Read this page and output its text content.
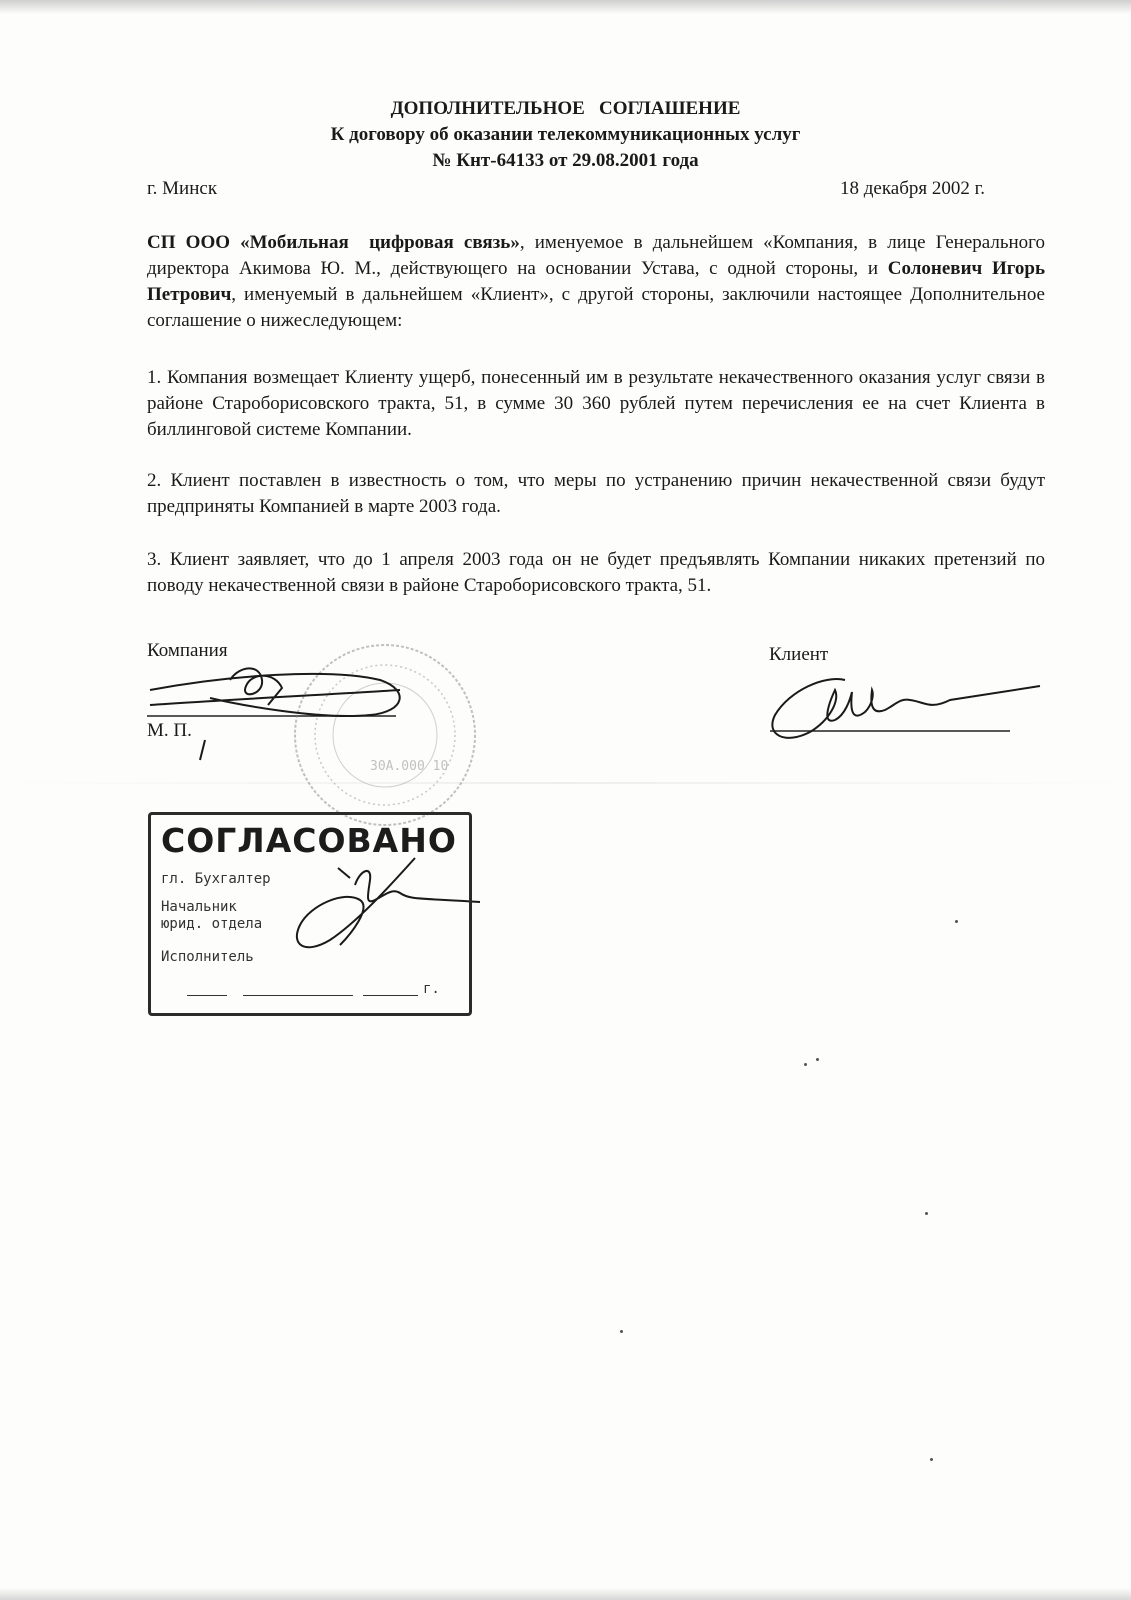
ДОПОЛНИТЕЛЬНОЕ   СОГЛАШЕНИЕ
К договору об оказании телекоммуникационных услуг
№ Кнт-64133 от 29.08.2001 года
г. Минск	18 декабря 2002 г.
СП ООО «Мобильная  цифровая связь», именуемое в дальнейшем «Компания, в лице Генерального директора Акимова Ю. М., действующего на основании Устава, с одной стороны, и Солоневич Игорь Петрович, именуемый в дальнейшем «Клиент», с другой стороны, заключили настоящее Дополнительное соглашение о нижеследующем:
1. Компания возмещает Клиенту ущерб, понесенный им в результате некачественного оказания услуг связи в районе Староборисовского тракта, 51, в сумме 30 360 рублей путем перечисления ее на счет Клиента в биллинговой системе Компании.
2. Клиент поставлен в известность о том, что меры по устранению причин некачественной связи будут предприняты Компанией в марте 2003 года.
3. Клиент заявляет, что до 1 апреля 2003 года он не будет предъявлять Компании никаких претензий по поводу некачественной связи в районе Староборисовского тракта, 51.
Компания
М. П.
Клиент
30А.000 10
СОГЛАСОВАНО
гл. Бухгалтер
Начальник
юрид. отдела
Исполнитель
г.
